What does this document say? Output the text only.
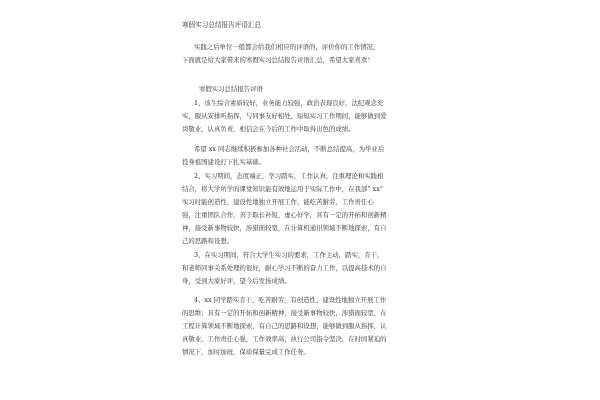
寒假实习总结报告评语汇总
实践之后单位一般都会给我们相应的评语的，评价你的工作情况，
下面就是给大家带来的寒假实习总结报告评语汇总，希望大家喜欢！
寒假实习总结报告评语
1、该生综合素质较好，业务能力较强，政治表现良好，法纪观念充
实，服从安排听指挥，与同事友好相处，短短实习工作期间，能够做到爱
岗敬业，认真负责，相信会在今后的工作中取得出色的成绩。
希望 xx 同志继续积极参加各种社会活动，不断总结提高，为毕业后
投身祖国建设打下扎实基础。
2、实习期间，态度端正，学习踏实，工作认真，注重理论和实践相
结合，将大学所学的课堂知识能有效地运用于实际工作中，在我部” xx”
实习时能创造性、建设性地独立开展工作，能吃苦耐劳，工作责任心
强，注重团队合作，善于取长补短，虚心好学，具有一定的开拓和创新精
神，接受新事物较快，涉猎面较宽，在计算机通讯领域不断地探索，有自
己的思路和设想。
3、在实习期间，符合大学生实习的要求，工作主动，踏实，肯干，
和老师同事关系处理的很好，耐心学习不断的奋力工作，以提高技术的自
身，受到大家好评，望今后发扬成绩。
4、xx 同学踏实肯干，吃苦耐劳，有创造性、建设性地独立开展工作
的思维；具有一定的开拓和创新精神，接受新事物较快，涉猎面较宽，在
工程计算领域不断地探索，有自己的思路和设想，能够做到服从指挥，认
真敬业，工作责任心强，工作效率高，执行公司指令坚决，在时间紧迫的
情况下，加时加班，保质保量完成工作任务。
